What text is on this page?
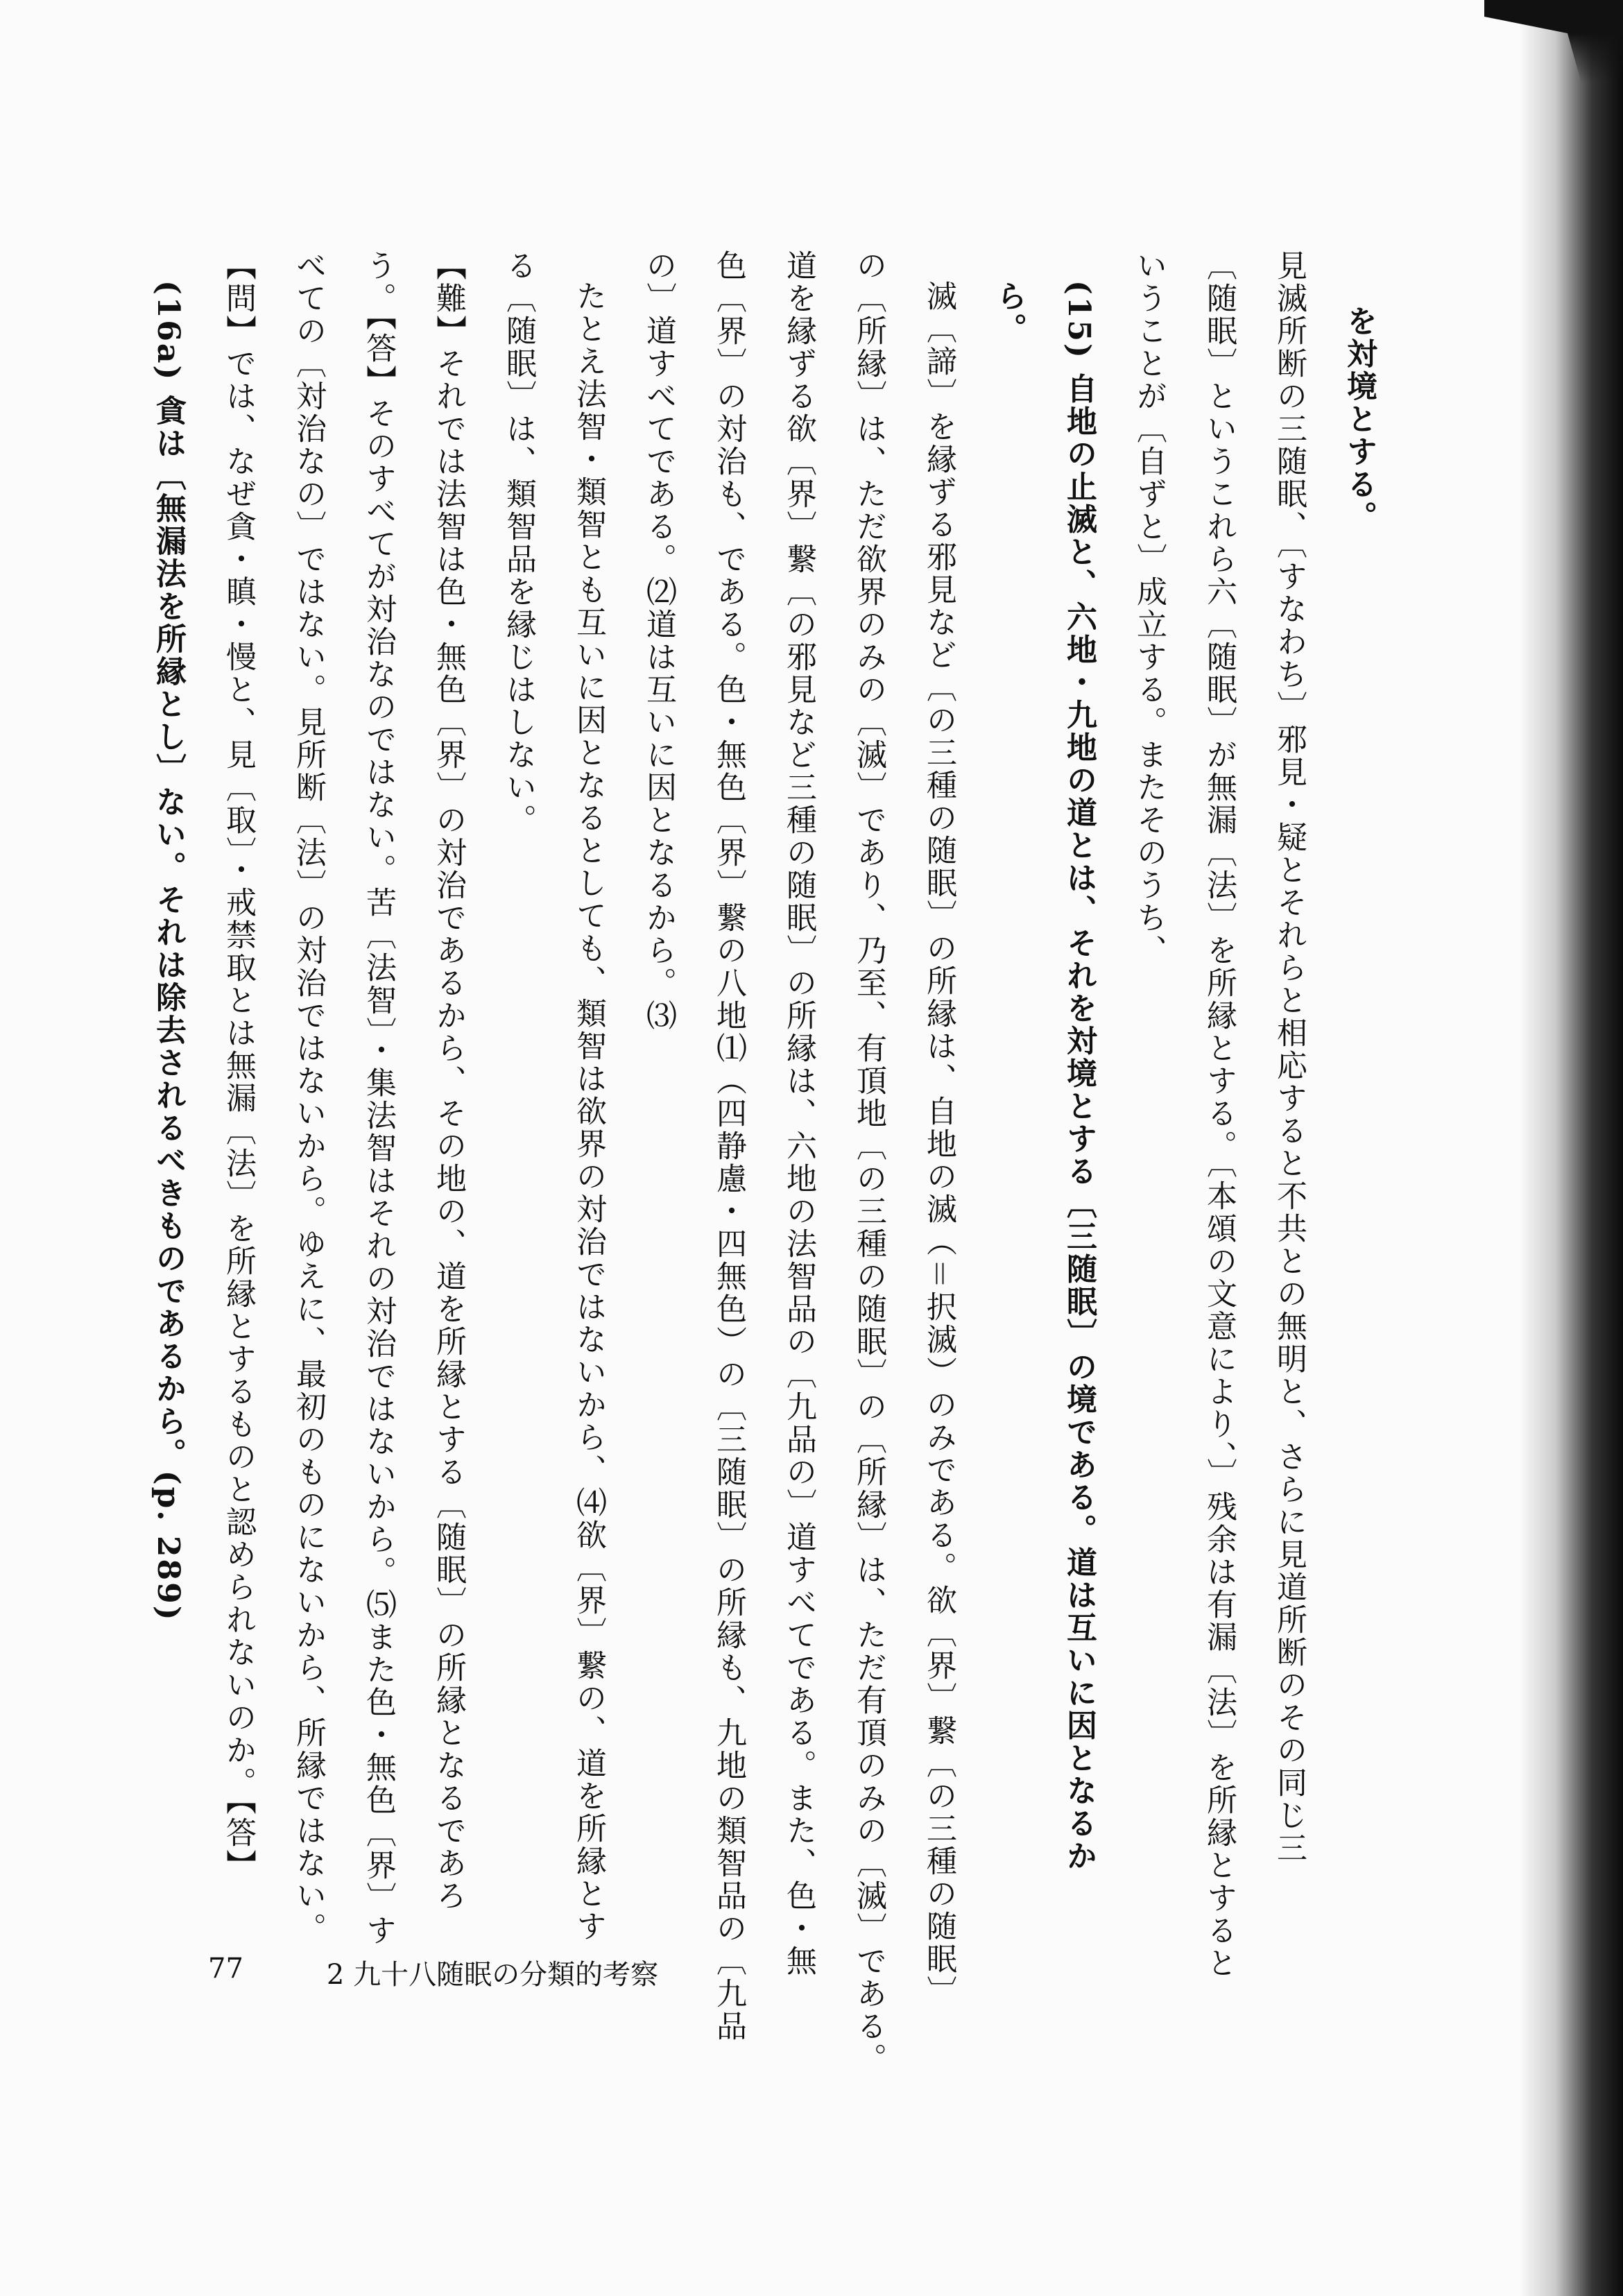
を対境とする。
見滅所断の三随眠、〔すなわち〕邪見・疑とそれらと相応すると不共との無明と、さらに見道所断のその同じ三
〔随眠〕というこれら六〔随眠〕が無漏〔法〕を所縁とする。〔本頌の文意により、〕残余は有漏〔法〕を所縁とすると
いうことが〔自ずと〕成立する。またそのうち、
(15) 自地の止滅と、六地・九地の道とは、それを対境とする〔三随眠〕の境である。道は互いに因となるか
ら。
滅〔諦〕を縁ずる邪見など〔の三種の随眠〕の所縁は、自地の滅（＝択滅）のみである。欲〔界〕繋〔の三種の随眠〕
の〔所縁〕は、ただ欲界のみの〔滅〕であり、乃至、有頂地〔の三種の随眠〕の〔所縁〕は、ただ有頂のみの〔滅〕である。
道を縁ずる欲〔界〕繋〔の邪見など三種の随眠〕の所縁は、六地の法智品の〔九品の〕道すべてである。また、色・無
色〔界〕の対治も、である。色・無色〔界〕繋の八地⑴（四静慮・四無色）の〔三随眠〕の所縁も、九地の類智品の〔九品
の〕道すべてである。⑵道は互いに因となるから。⑶
たとえ法智・類智とも互いに因となるとしても、類智は欲界の対治ではないから、⑷欲〔界〕繋の、道を所縁とす
る〔随眠〕は、類智品を縁じはしない。
【難】それでは法智は色・無色〔界〕の対治であるから、その地の、道を所縁とする〔随眠〕の所縁となるであろ
う。【答】そのすべてが対治なのではない。苦〔法智〕・集法智はそれの対治ではないから。⑸また色・無色〔界〕す
べての〔対治なの〕ではない。見所断〔法〕の対治ではないから。ゆえに、最初のものにないから、所縁ではない。
【問】では、なぜ貪・瞋・慢と、見〔取〕・戒禁取とは無漏〔法〕を所縁とするものと認められないのか。【答】
(16a) 貪は〔無漏法を所縁とし〕ない。それは除去されるべきものであるから。(p. 289)
77	2 九十八随眠の分類的考察
